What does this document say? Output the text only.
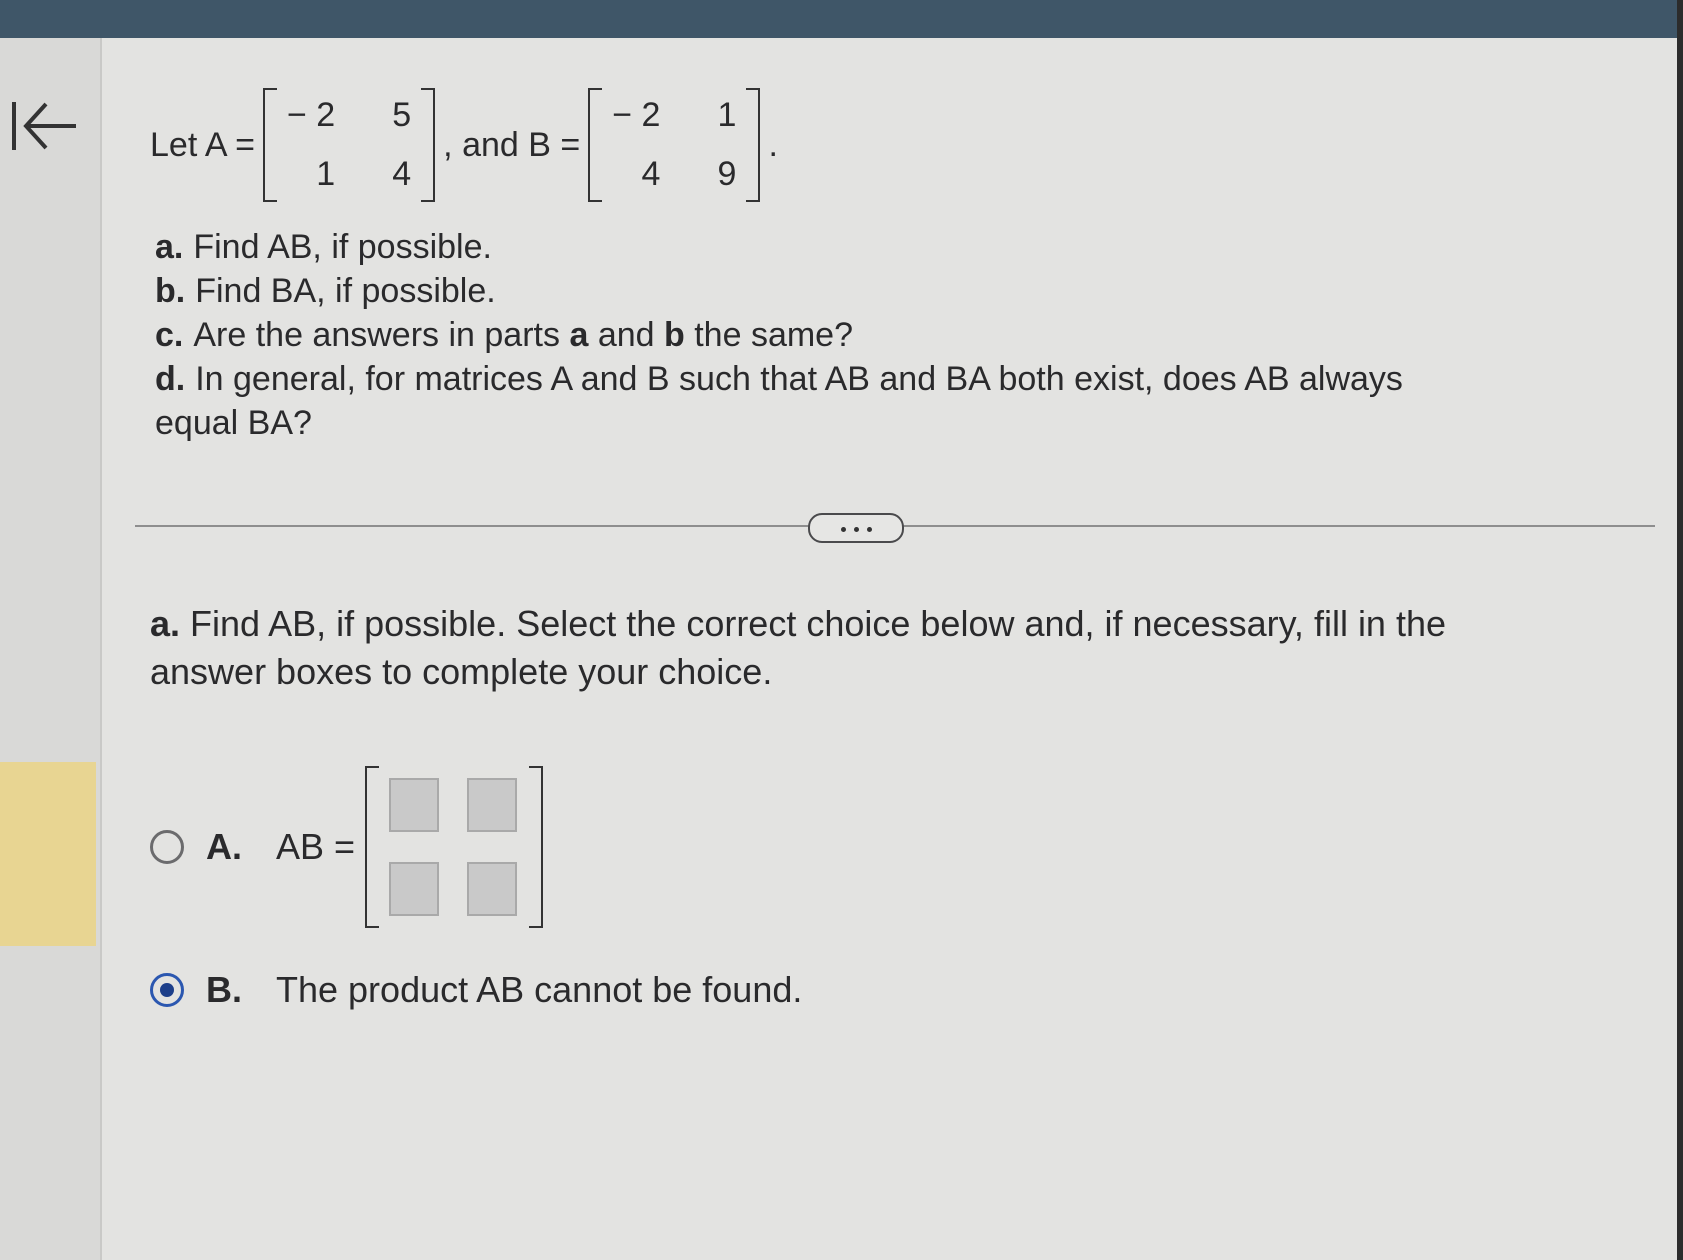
Let A =
− 2	5
1	4
, and B =
− 2	1
4	9
.
a. Find AB, if possible.
b. Find BA, if possible.
c. Are the answers in parts
a
and
b
the same?
d. In general, for matrices A and B such that AB and BA both exist, does AB always
equal BA?
a. Find AB, if possible. Select the correct choice below and, if necessary, fill in the answer boxes to complete your choice.
A. AB =
B. The product AB cannot be found.
